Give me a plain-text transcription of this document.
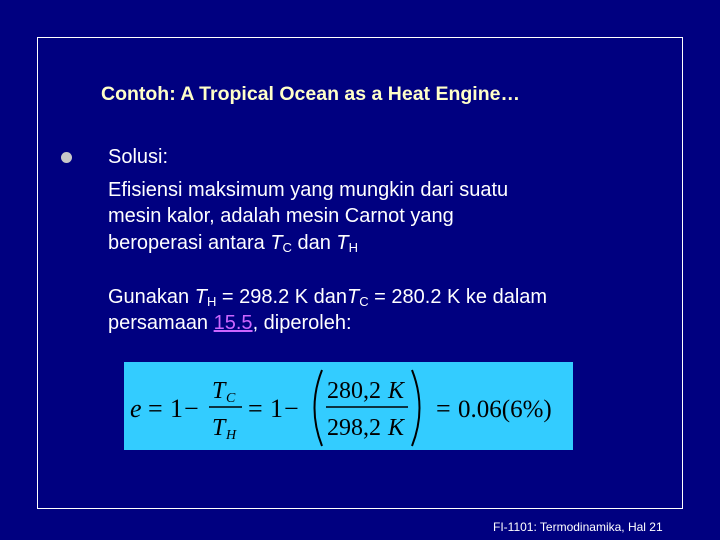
Contoh: A Tropical Ocean as a Heat Engine…
Solusi:
Efisiensi maksimum yang mungkin dari suatu
mesin kalor, adalah mesin Carnot yang
beroperasi antara $T_C$ dan $T_H$
Gunakan $T_H = 298.2$ K danT$_C$ = 280.2 K ke dalam
persamaan 15.5, diperoleh:
e = 1 −
T C
T H
= 1 −
280,2 K
298,2 K
= 0.06(6%)
FI-1101: Termodinamika, Hal 21
